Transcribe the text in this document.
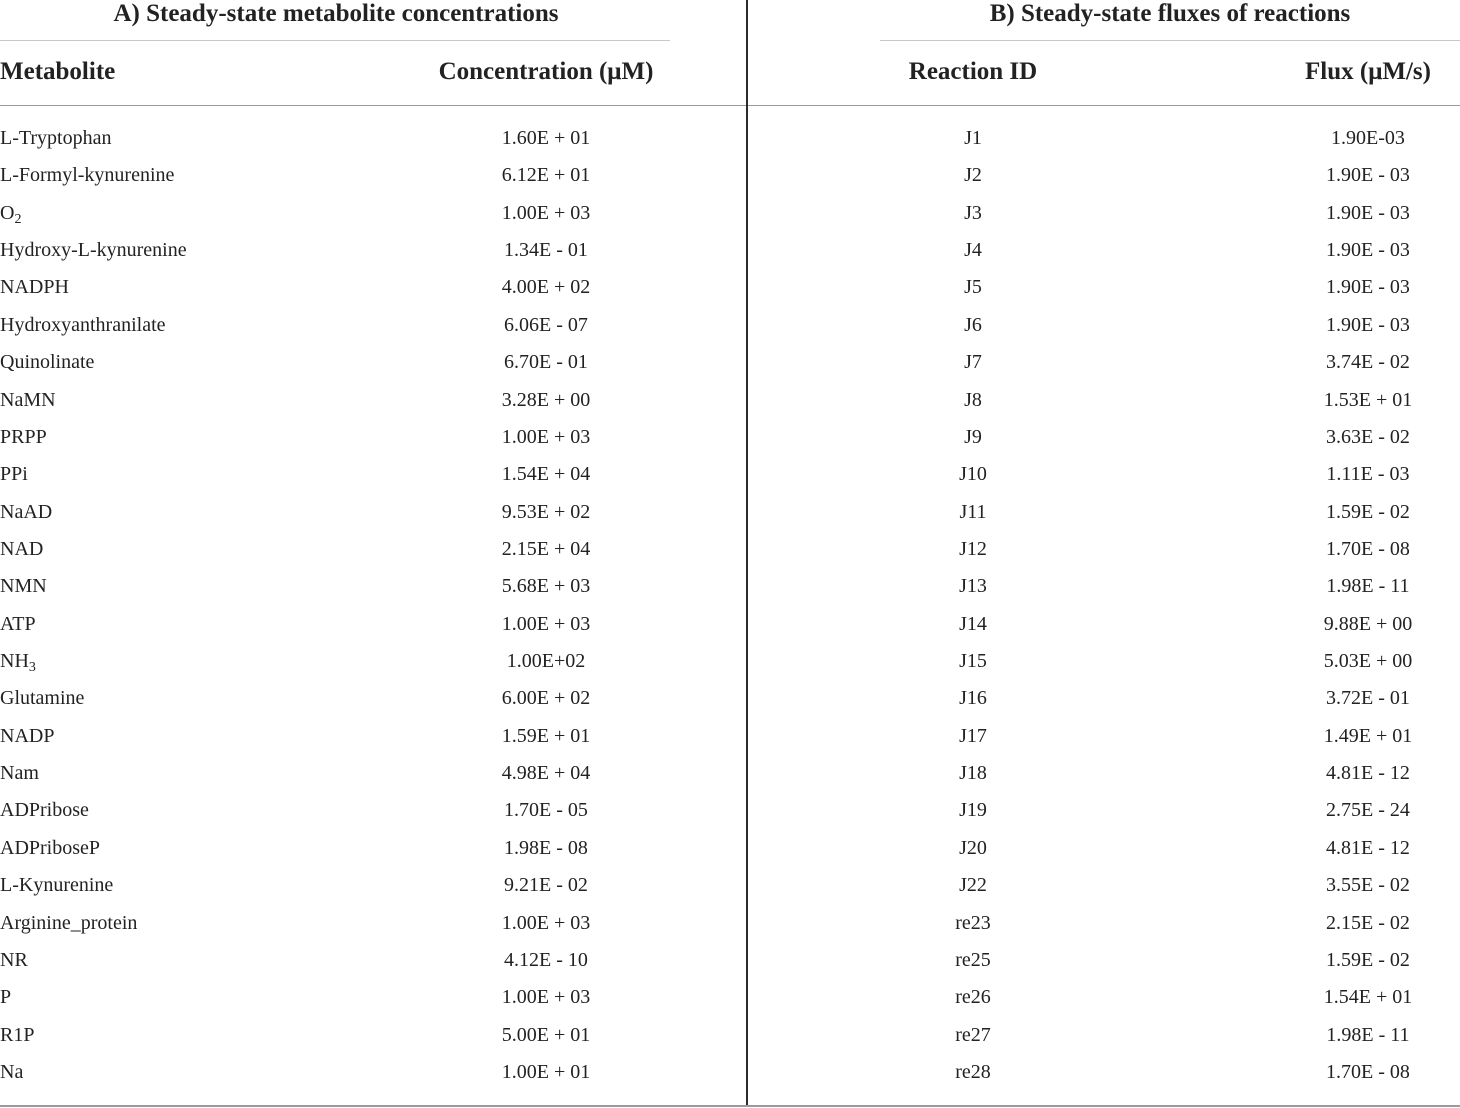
A) Steady-state metabolite concentrations
Metabolite	Concentration (μM)
L-Tryptophan	1.60E + 01
L-Formyl-kynurenine	6.12E + 01
$O_2$	1.00E + 03
Hydroxy-L-kynurenine	1.34E - 01
NADPH	4.00E + 02
Hydroxyanthranilate	6.06E - 07
Quinolinate	6.70E - 01
NaMN	3.28E + 00
PRPP	1.00E + 03
PPi	1.54E + 04
NaAD	9.53E + 02
NAD	2.15E + 04
NMN	5.68E + 03
ATP	1.00E + 03
$NH_3$	1.00E+02
Glutamine	6.00E + 02
NADP	1.59E + 01
Nam	4.98E + 04
ADPribose	1.70E - 05
ADPriboseP	1.98E - 08
L-Kynurenine	9.21E - 02
Arginine_protein	1.00E + 03
NR	4.12E - 10
P	1.00E + 03
R1P	5.00E + 01
Na	1.00E + 01
B) Steady-state fluxes of reactions
Reaction ID	Flux (μM/s)
J1	1.90E-03
J2	1.90E - 03
J3	1.90E - 03
J4	1.90E - 03
J5	1.90E - 03
J6	1.90E - 03
J7	3.74E - 02
J8	1.53E + 01
J9	3.63E - 02
J10	1.11E - 03
J11	1.59E - 02
J12	1.70E - 08
J13	1.98E - 11
J14	9.88E + 00
J15	5.03E + 00
J16	3.72E - 01
J17	1.49E + 01
J18	4.81E - 12
J19	2.75E - 24
J20	4.81E - 12
J22	3.55E - 02
re23	2.15E - 02
re25	1.59E - 02
re26	1.54E + 01
re27	1.98E - 11
re28	1.70E - 08
